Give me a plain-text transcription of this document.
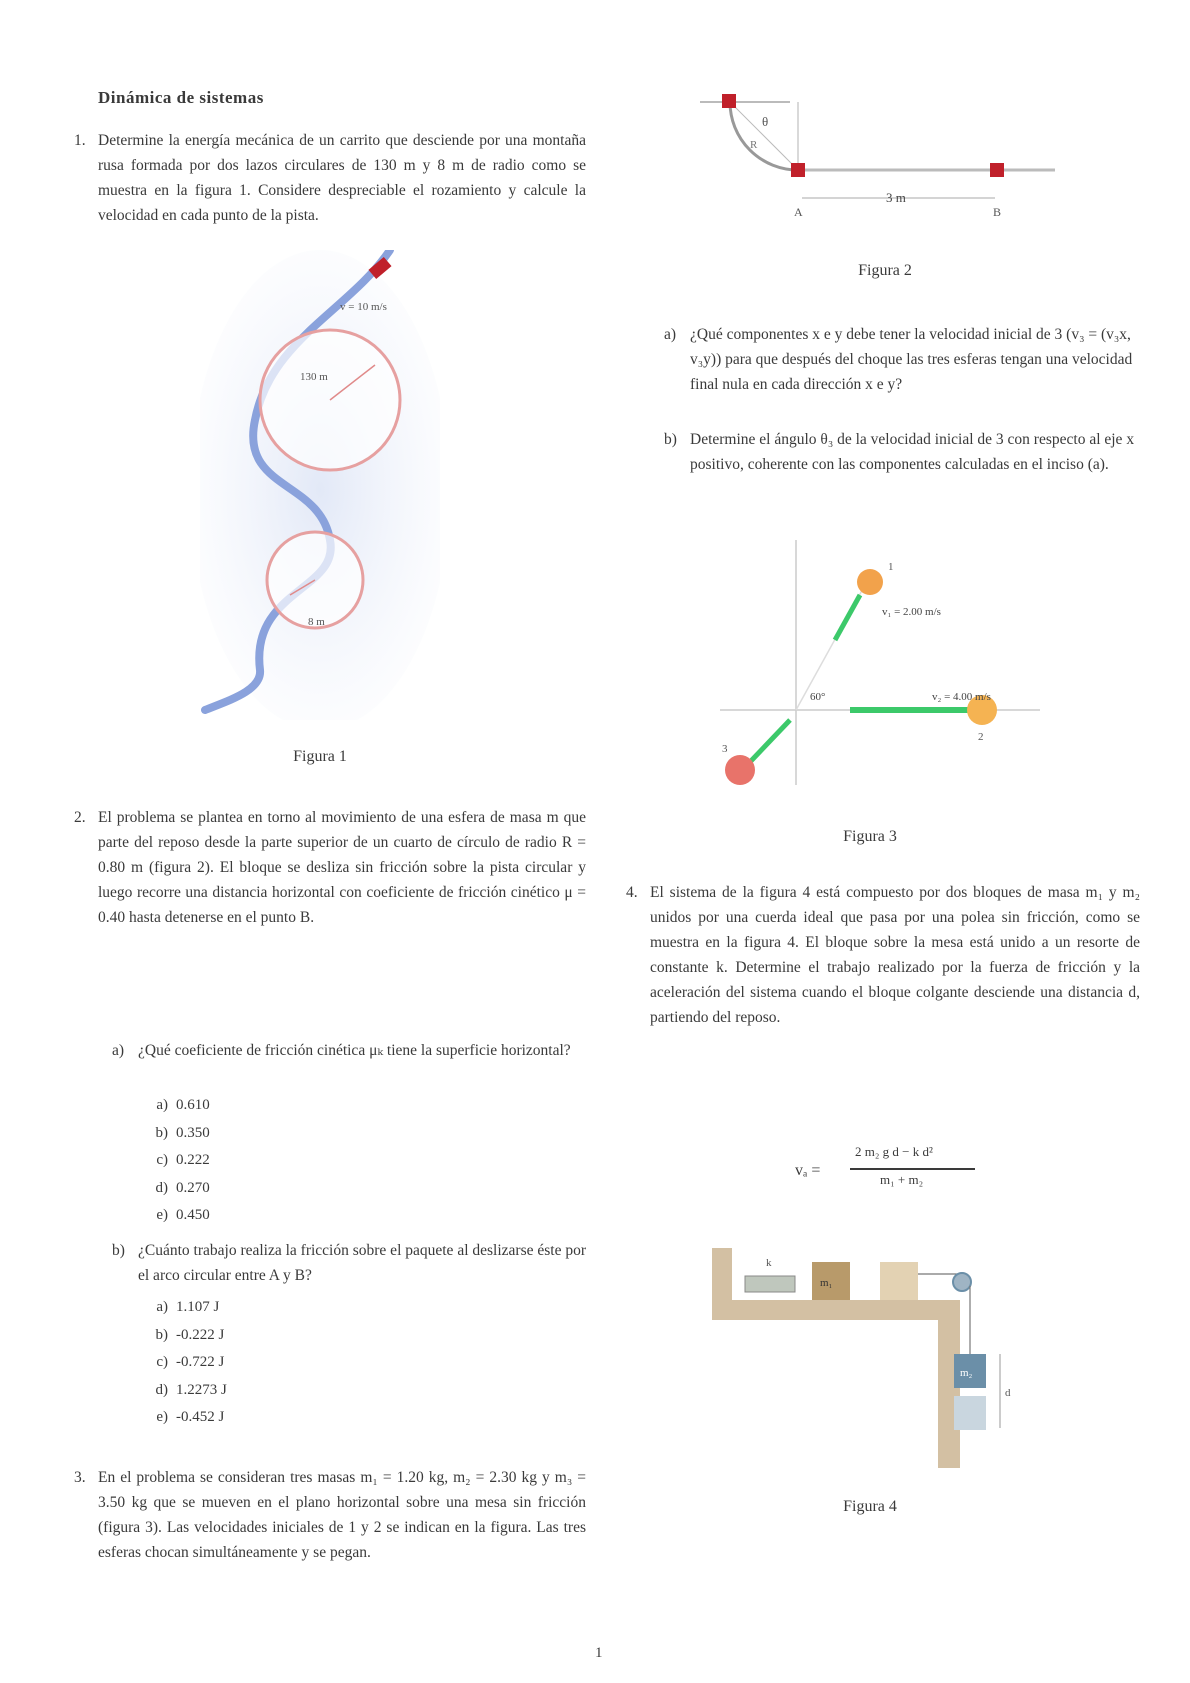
Dinámica de sistemas
1. Determine la energía mecánica de un carrito que desciende por una montaña rusa formada por dos lazos circulares de 130 m y 8 m de radio como se muestra en la figura 1. Considere despreciable el rozamiento y calcule la velocidad en cada punto de la pista.

v = 10 m/s
130 m
8 m
Figura 1
2. El problema se plantea en torno al movimiento de una esfera de masa m que parte del reposo desde la parte superior de un cuarto de círculo de radio R = 0.80 m (figura 2). El bloque se desliza sin fricción sobre la pista circular y luego recorre una distancia horizontal con coeficiente de fricción cinético μ = 0.40 hasta detenerse en el punto B.

a) ¿Qué coeficiente de fricción cinética μₖ tiene la superficie horizontal?
a) 0.610
b) 0.350
c) 0.222
d) 0.270
e) 0.450
b) ¿Cuánto trabajo realiza la fricción sobre el paquete al deslizarse éste por el arco circular entre A y B?
a) 1.107 J
b) -0.222 J
c) -0.722 J
d) 1.2273 J
e) -0.452 J
3. En el problema se consideran tres masas m₁ = 1.20 kg, m₂ = 2.30 kg y m₃ = 3.50 kg que se mueven en el plano horizontal sobre una mesa sin fricción (figura 3). Las velocidades iniciales de 1 y 2 se indican en la figura. Las tres esferas chocan simultáneamente y se pegan.

θ
R
A	B
3 m
Figura 2
a) ¿Qué componentes x e y debe tener la velocidad inicial de 3 (v₃ = (v₃x, v₃y)) para que después del choque las tres esferas tengan una velocidad final nula en cada dirección x e y?
b) Determine el ángulo θ₃ de la velocidad inicial de 3 con respecto al eje x positivo, coherente con las componentes calculadas en el inciso (a).
1
2
3
v₁ = 2.00 m/s
v₂ = 4.00 m/s
60°
Figura 3
4. El sistema de la figura 4 está compuesto por dos bloques de masa m₁ y m₂ unidos por una cuerda ideal que pasa por una polea sin fricción, como se muestra en la figura 4. El bloque sobre la mesa está unido a un resorte de constante k. Determine el trabajo realizado por la fuerza de fricción y la aceleración del sistema cuando el bloque colgante desciende una distancia d, partiendo del reposo.

vₐ =
2 m₂ g d − k d²
m₁ + m₂
k
m₁
m₂
d
Figura 4
1
